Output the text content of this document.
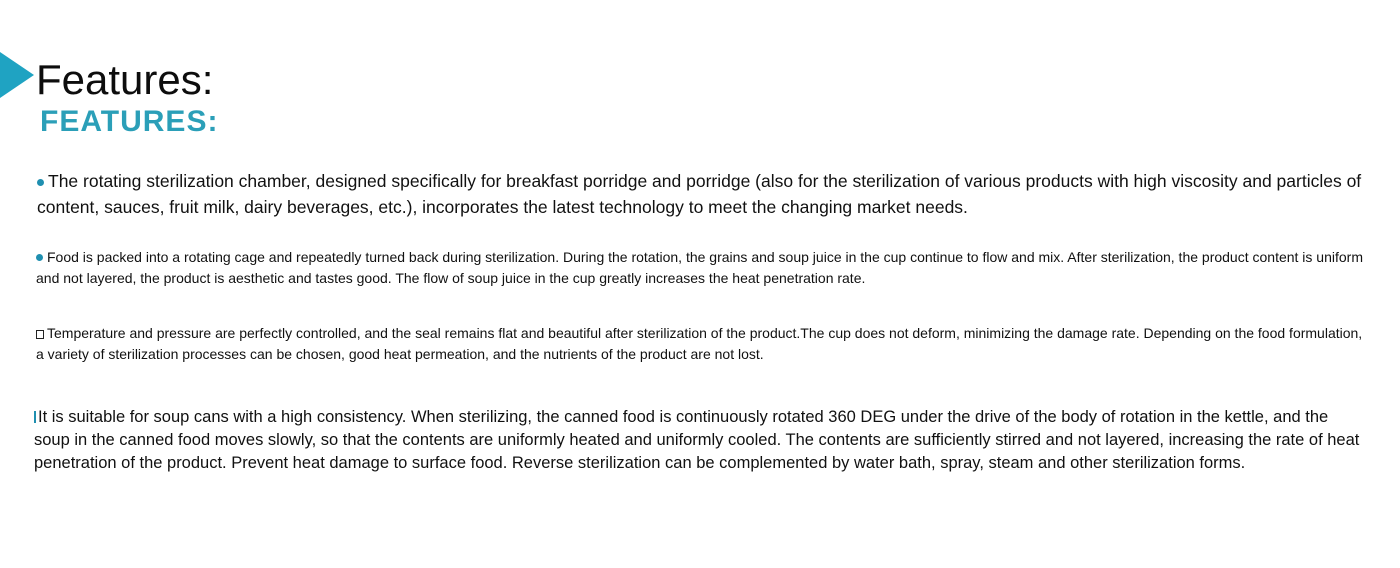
Features:
FEATURES:

The rotating sterilization chamber, designed specifically for breakfast porridge and porridge (also for the sterilization of various products with high viscosity and particles of content, sauces, fruit milk, dairy beverages, etc.), incorporates the latest technology to meet the changing market needs.

Food is packed into a rotating cage and repeatedly turned back during sterilization. During the rotation, the grains and soup juice in the cup continue to flow and mix. After sterilization, the product content is uniform and not layered, the product is aesthetic and tastes good. The flow of soup juice in the cup greatly increases the heat penetration rate.

Temperature and pressure are perfectly controlled, and the seal remains flat and beautiful after sterilization of the product.The cup does not deform, minimizing the damage rate. Depending on the food formulation, a variety of sterilization processes can be chosen, good heat permeation, and the nutrients of the product are not lost.

It is suitable for soup cans with a high consistency. When sterilizing, the canned food is continuously rotated 360 DEG under the drive of the body of rotation in the kettle, and the soup in the canned food moves slowly, so that the contents are uniformly heated and uniformly cooled. The contents are sufficiently stirred and not layered, increasing the rate of heat penetration of the product. Prevent heat damage to surface food. Reverse sterilization can be complemented by water bath, spray, steam and other sterilization forms.
